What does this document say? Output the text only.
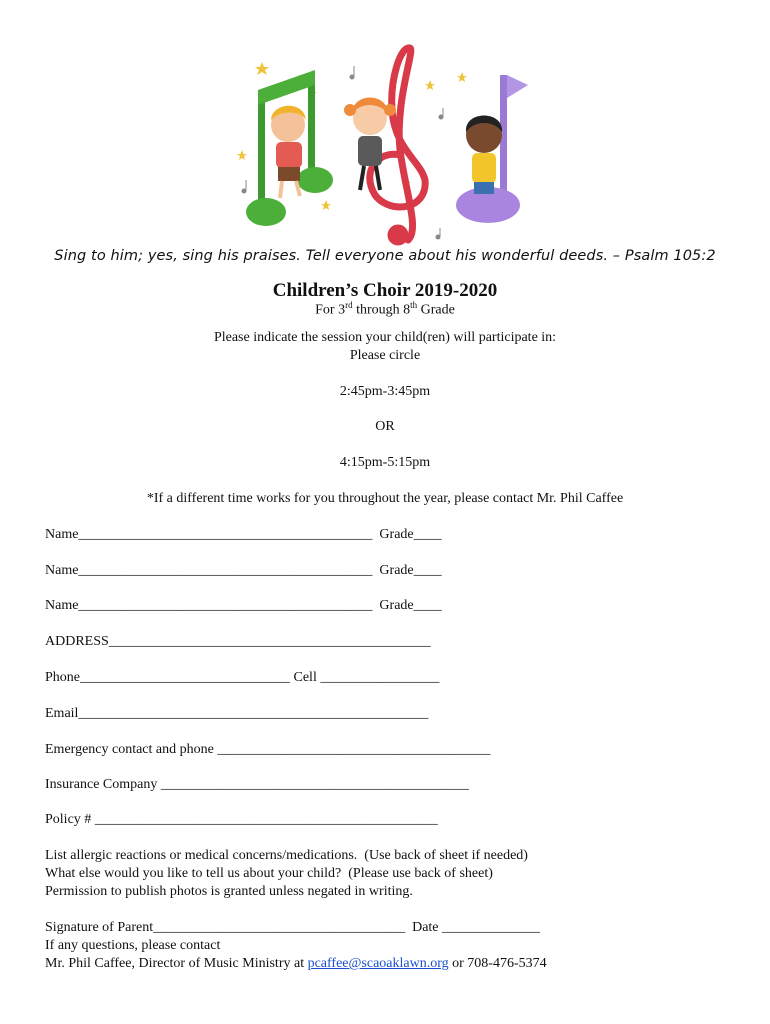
Sing to him; yes, sing his praises. Tell everyone about his wonderful deeds. – Psalm 105:2
Children’s Choir 2019-2020
For 3rd through 8th Grade
Please indicate the session your child(ren) will participate in:
Please circle
2:45pm-3:45pm
OR
4:15pm-5:15pm
*If a different time works for you throughout the year, please contact Mr. Phil Caffee
Name__________________________________________  Grade____
Name__________________________________________  Grade____
Name__________________________________________  Grade____
ADDRESS______________________________________________
Phone______________________________ Cell _________________
Email__________________________________________________
Emergency contact and phone _______________________________________
Insurance Company ____________________________________________
Policy # _________________________________________________
List allergic reactions or medical concerns/medications.  (Use back of sheet if needed)
What else would you like to tell us about your child?  (Please use back of sheet)
Permission to publish photos is granted unless negated in writing.
Signature of Parent____________________________________  Date ______________
If any questions, please contact
Mr. Phil Caffee, Director of Music Ministry at pcaffee@scaoaklawn.org or 708-476-5374
